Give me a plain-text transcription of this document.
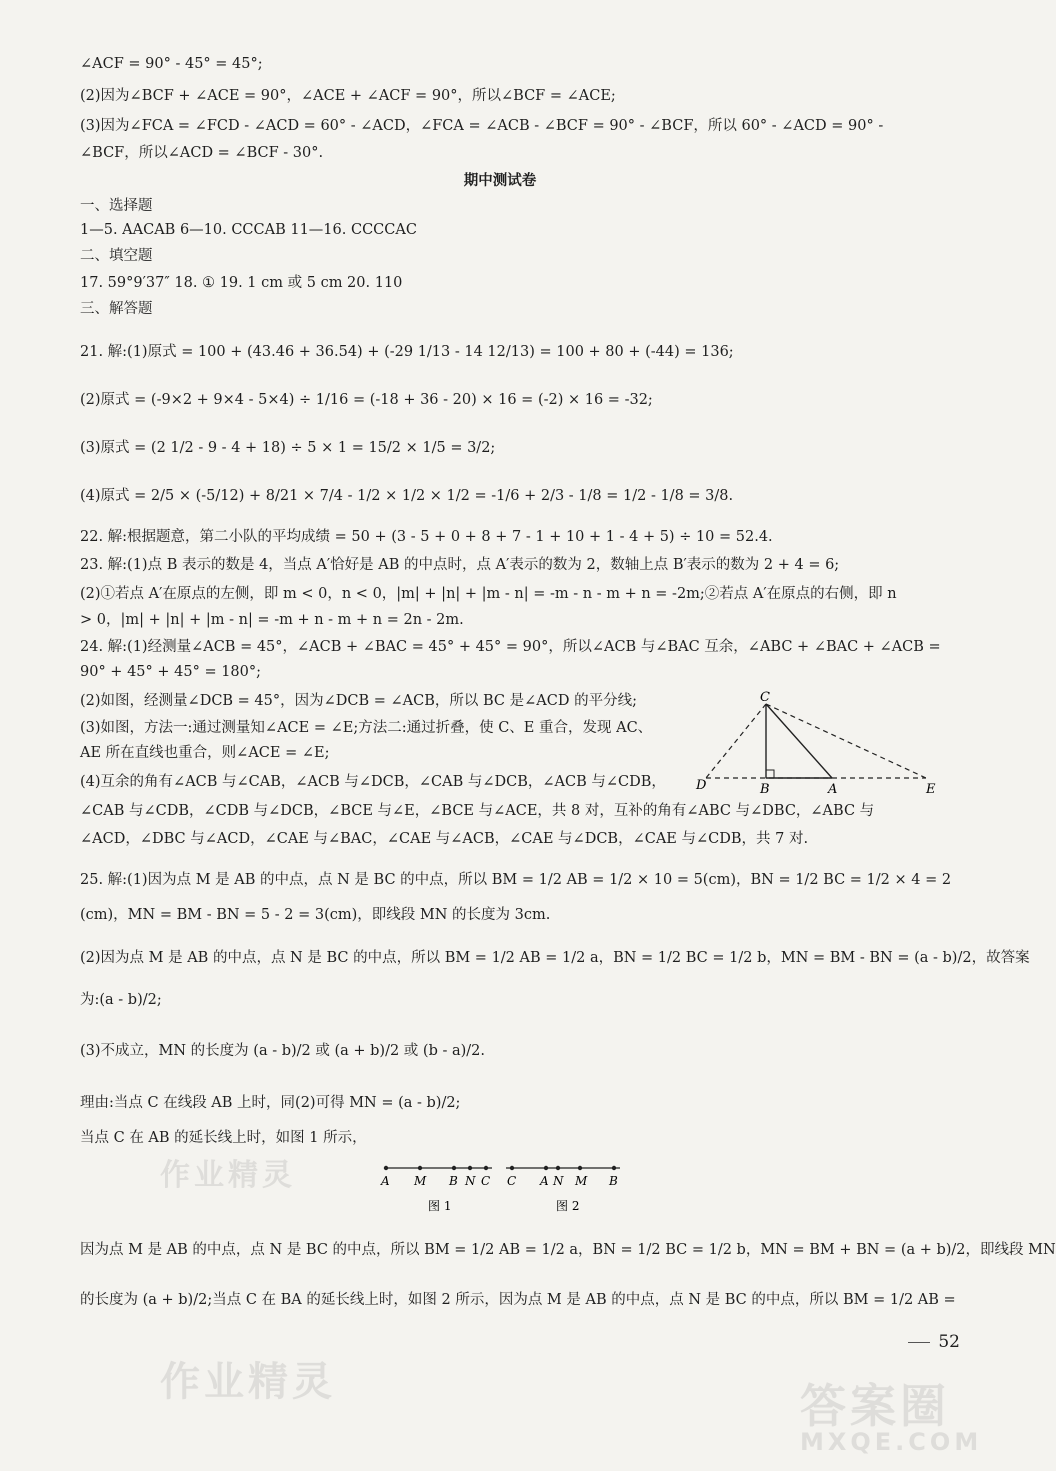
∠ACF = 90° - 45° = 45°;
(2)因为∠BCF + ∠ACE = 90°，∠ACE + ∠ACF = 90°，所以∠BCF = ∠ACE;
(3)因为∠FCA = ∠FCD - ∠ACD = 60° - ∠ACD，∠FCA = ∠ACB - ∠BCF = 90° - ∠BCF，所以 60° - ∠ACD = 90° -
∠BCF，所以∠ACD = ∠BCF - 30°.
期中测试卷
一、选择题
1—5. AACAB 6—10. CCCAB 11—16. CCCCAC
二、填空题
17. 59°9′37″ 18. ① 19. 1 cm 或 5 cm 20. 110
三、解答题
21. 解:(1)原式 = 100 + (43.46 + 36.54) + (-29 1/13 - 14 12/13) = 100 + 80 + (-44) = 136;
(2)原式 = (-9×2 + 9×4 - 5×4) ÷ 1/16 = (-18 + 36 - 20) × 16 = (-2) × 16 = -32;
(3)原式 = (2 1/2 - 9 - 4 + 18) ÷ 5 × 1 = 15/2 × 1/5 = 3/2;
(4)原式 = 2/5 × (-5/12) + 8/21 × 7/4 - 1/2 × 1/2 × 1/2 = -1/6 + 2/3 - 1/8 = 1/2 - 1/8 = 3/8.
22. 解:根据题意，第二小队的平均成绩 = 50 + (3 - 5 + 0 + 8 + 7 - 1 + 10 + 1 - 4 + 5) ÷ 10 = 52.4.
23. 解:(1)点 B 表示的数是 4，当点 A′恰好是 AB 的中点时，点 A′表示的数为 2，数轴上点 B′表示的数为 2 + 4 = 6;
(2)①若点 A′在原点的左侧，即 m < 0，n < 0，|m| + |n| + |m - n| = -m - n - m + n = -2m;②若点 A′在原点的右侧，即 n
> 0，|m| + |n| + |m - n| = -m + n - m + n = 2n - 2m.
24. 解:(1)经测量∠ACB = 45°，∠ACB + ∠BAC = 45° + 45° = 90°，所以∠ACB 与∠BAC 互余，∠ABC + ∠BAC + ∠ACB =
90° + 45° + 45° = 180°;
(2)如图，经测量∠DCB = 45°，因为∠DCB = ∠ACB，所以 BC 是∠ACD 的平分线;
(3)如图，方法一:通过测量知∠ACE = ∠E;方法二:通过折叠，使 C、E 重合，发现 AC、
AE 所在直线也重合，则∠ACE = ∠E;
(4)互余的角有∠ACB 与∠CAB，∠ACB 与∠DCB，∠CAB 与∠DCB，∠ACB 与∠CDB，
∠CAB 与∠CDB，∠CDB 与∠DCB，∠BCE 与∠E，∠BCE 与∠ACE，共 8 对，互补的角有∠ABC 与∠DBC，∠ABC 与
∠ACD，∠DBC 与∠ACD，∠CAE 与∠BAC，∠CAE 与∠ACB，∠CAE 与∠DCB，∠CAE 与∠CDB，共 7 对.
25. 解:(1)因为点 M 是 AB 的中点，点 N 是 BC 的中点，所以 BM = 1/2 AB = 1/2 × 10 = 5(cm)，BN = 1/2 BC = 1/2 × 4 = 2
(cm)，MN = BM - BN = 5 - 2 = 3(cm)，即线段 MN 的长度为 3cm.
(2)因为点 M 是 AB 的中点，点 N 是 BC 的中点，所以 BM = 1/2 AB = 1/2 a，BN = 1/2 BC = 1/2 b，MN = BM - BN = (a - b)/2，故答案
为:(a - b)/2;
(3)不成立，MN 的长度为 (a - b)/2 或 (a + b)/2 或 (b - a)/2.
理由:当点 C 在线段 AB 上时，同(2)可得 MN = (a - b)/2;
当点 C 在 AB 的延长线上时，如图 1 所示，
因为点 M 是 AB 的中点，点 N 是 BC 的中点，所以 BM = 1/2 AB = 1/2 a，BN = 1/2 BC = 1/2 b，MN = BM + BN = (a + b)/2，即线段 MN
的长度为 (a + b)/2;当点 C 在 BA 的延长线上时，如图 2 所示，因为点 M 是 AB 的中点，点 N 是 BC 的中点，所以 BM = 1/2 AB =
C
D	B	A	E
A M B N C
图 1
C A N M B
图 2
52
作业精灵
作业精灵	答案圈
MXQE.COM
